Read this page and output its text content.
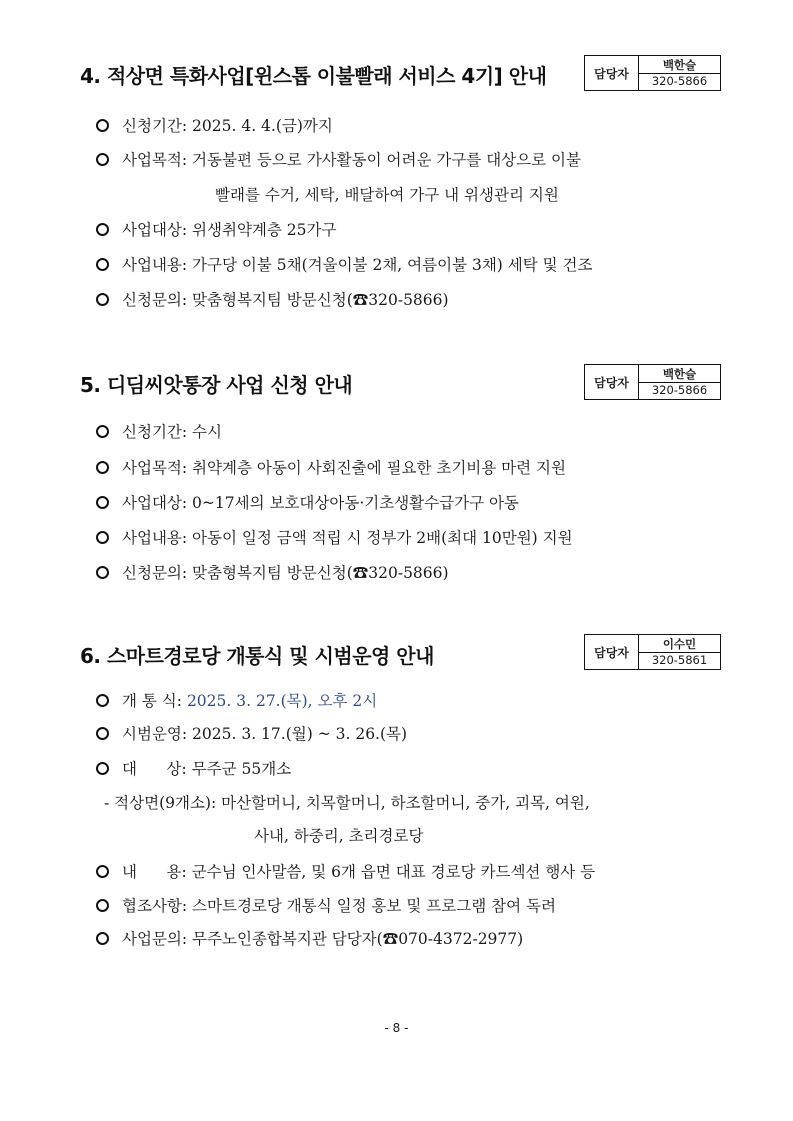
4. 적상면 특화사업[윈스톱 이불빨래 서비스 4기] 안내	담당자
백한슬
320-5866
신청기간: 2025. 4. 4.(금)까지
사업목적: 거동불편 등으로 가사활동이 어려운 가구를 대상으로 이불
빨래를 수거, 세탁, 배달하여 가구 내 위생관리 지원
사업대상: 위생취약계층 25가구
사업내용: 가구당 이불 5채(겨울이불 2채, 여름이불 3채) 세탁 및 건조
신청문의: 맞춤형복지팀 방문신청(☎320-5866)
5. 디딤씨앗통장 사업 신청 안내	담당자
백한슬
320-5866
신청기간: 수시
사업목적: 취약계층 아동이 사회진출에 필요한 초기비용 마련 지원
사업대상: 0~17세의 보호대상아동·기초생활수급가구 아동
사업내용: 아동이 일정 금액 적립 시 정부가 2배(최대 10만원) 지원
신청문의: 맞춤형복지팀 방문신청(☎320-5866)
6. 스마트경로당 개통식 및 시범운영 안내	담당자
이수민
320-5861
개 통 식:
2025. 3. 27.(목), 오후 2시
시범운영: 2025. 3. 17.(월) ~ 3. 26.(목)
대      상: 무주군 55개소
- 적상면(9개소): 마산할머니, 치목할머니, 하조할머니, 중가, 괴목, 여원,
사내, 하중리, 초리경로당
내      용: 군수님 인사말씀, 및 6개 읍면 대표 경로당 카드섹션 행사 등
협조사항: 스마트경로당 개통식 일정 홍보 및 프로그램 참여 독려
사업문의: 무주노인종합복지관 담당자(☎070-4372-2977)
- 8 -
